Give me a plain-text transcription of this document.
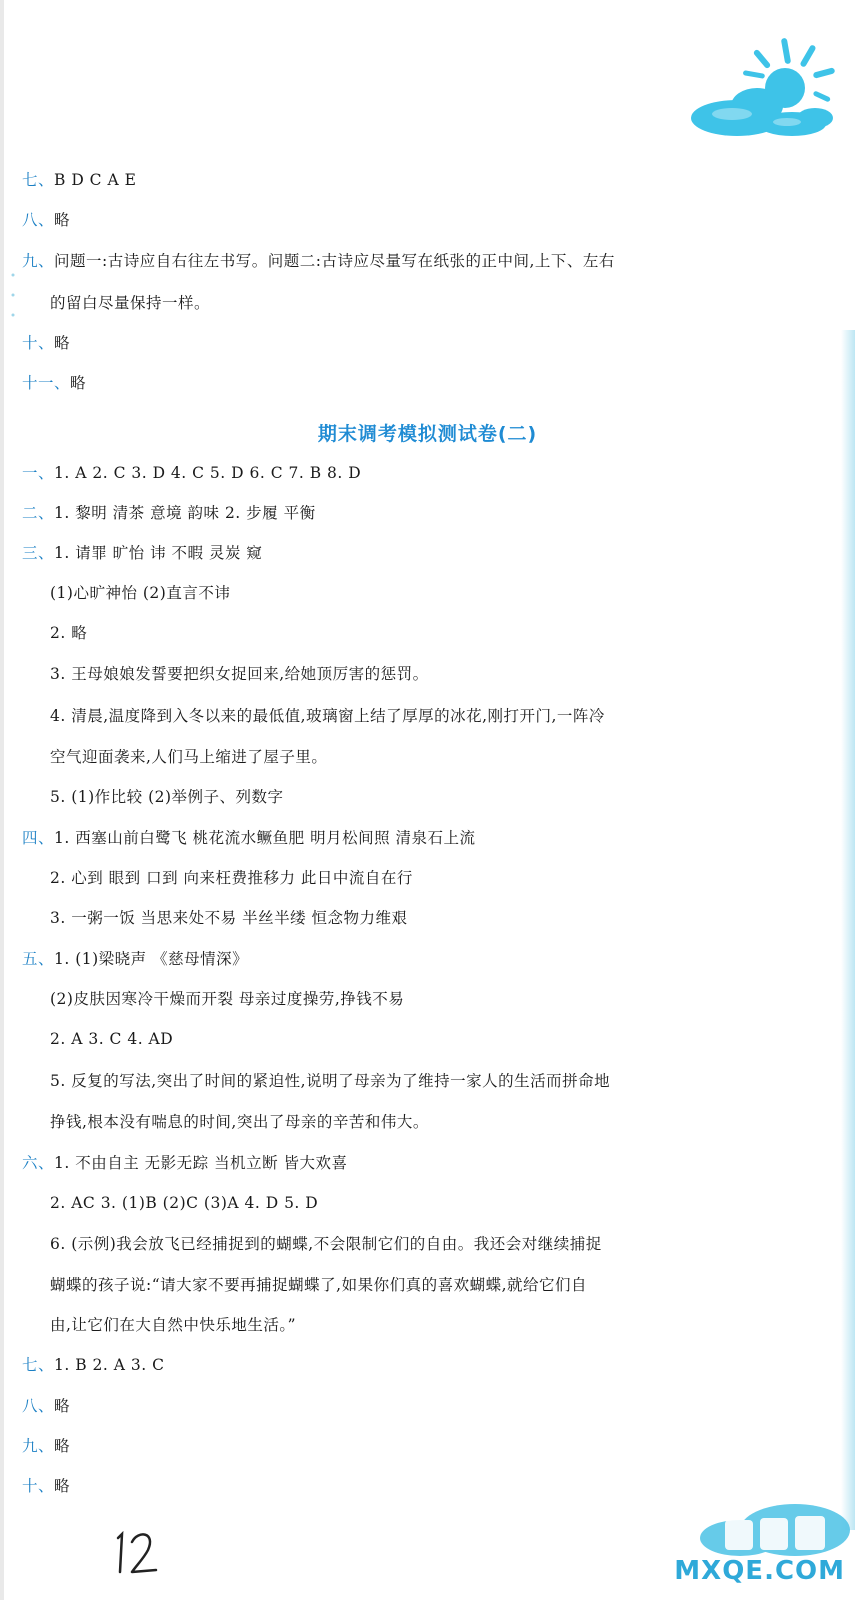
七、B D C A E
八、略
九、问题一:古诗应自右往左书写。问题二:古诗应尽量写在纸张的正中间,上下、左右
的留白尽量保持一样。
十、略
十一、略
期末调考模拟测试卷(二)
一、1. A 2. C 3. D 4. C 5. D 6. C 7. B 8. D
二、1. 黎明 清茶 意境 韵味 2. 步履 平衡
三、1. 请罪 旷怡 讳 不暇 灵炭 窥
(1)心旷神怡 (2)直言不讳
2. 略
3. 王母娘娘发誓要把织女捉回来,给她顶厉害的惩罚。
4. 清晨,温度降到入冬以来的最低值,玻璃窗上结了厚厚的冰花,刚打开门,一阵冷
空气迎面袭来,人们马上缩进了屋子里。
5. (1)作比较 (2)举例子、列数字
四、1. 西塞山前白鹭飞 桃花流水鳜鱼肥 明月松间照 清泉石上流
2. 心到 眼到 口到 向来枉费推移力 此日中流自在行
3. 一粥一饭 当思来处不易 半丝半缕 恒念物力维艰
五、1. (1)梁晓声 《慈母情深》
(2)皮肤因寒冷干燥而开裂 母亲过度操劳,挣钱不易
2. A 3. C 4. AD
5. 反复的写法,突出了时间的紧迫性,说明了母亲为了维持一家人的生活而拼命地
挣钱,根本没有喘息的时间,突出了母亲的辛苦和伟大。
六、1. 不由自主 无影无踪 当机立断 皆大欢喜
2. AC 3. (1)B (2)C (3)A 4. D 5. D
6. (示例)我会放飞已经捕捉到的蝴蝶,不会限制它们的自由。我还会对继续捕捉
蝴蝶的孩子说:“请大家不要再捕捉蝴蝶了,如果你们真的喜欢蝴蝶,就给它们自
由,让它们在大自然中快乐地生活。”
七、1. B 2. A 3. C
八、略
九、略
十、略
MXQE.COM
